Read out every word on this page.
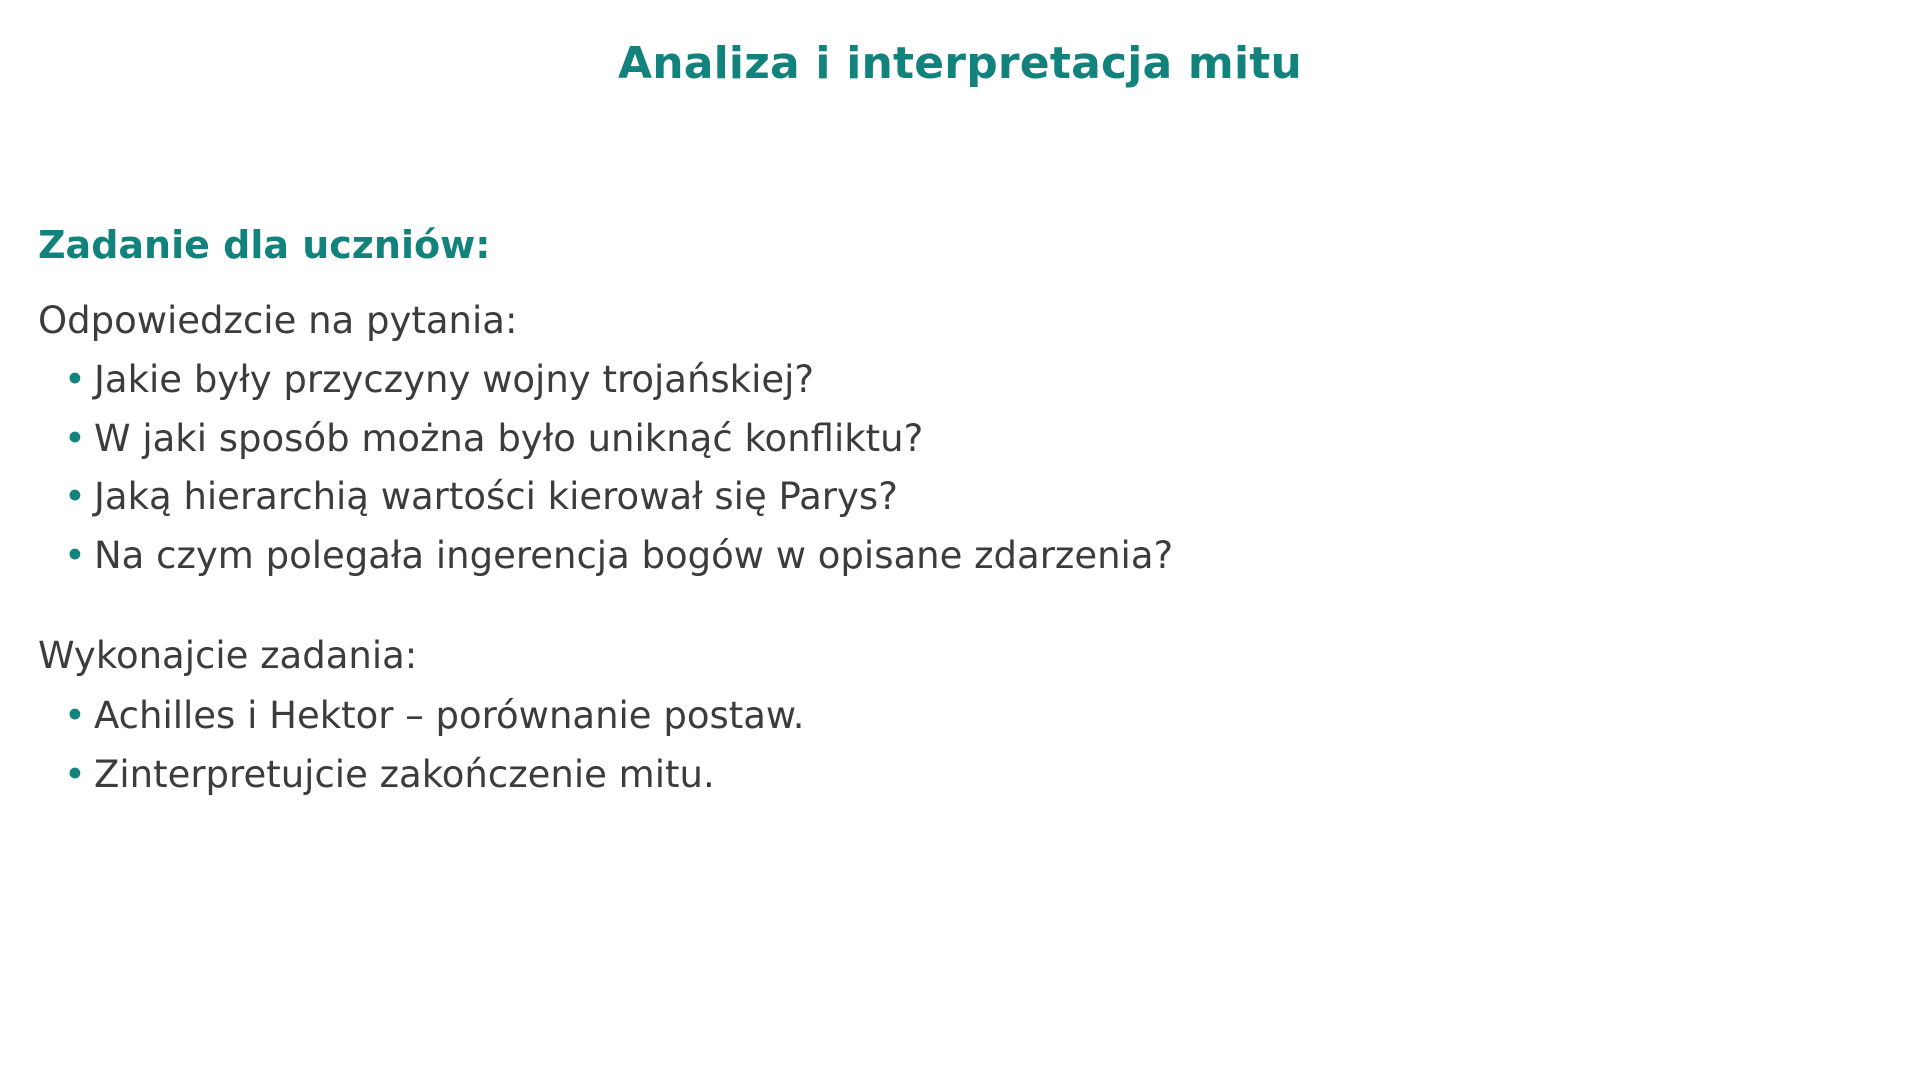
Analiza i interpretacja mitu
Zadanie dla uczniów:

Odpowiedzcie na pytania:

• Jakie były przyczyny wojny trojańskiej?
• W jaki sposób można było uniknąć konfliktu?
• Jaką hierarchią wartości kierował się Parys?
• Na czym polegała ingerencja bogów w opisane zdarzenia?

Wykonajcie zadania:

• Achilles i Hektor – porównanie postaw.
• Zinterpretujcie zakończenie mitu.
